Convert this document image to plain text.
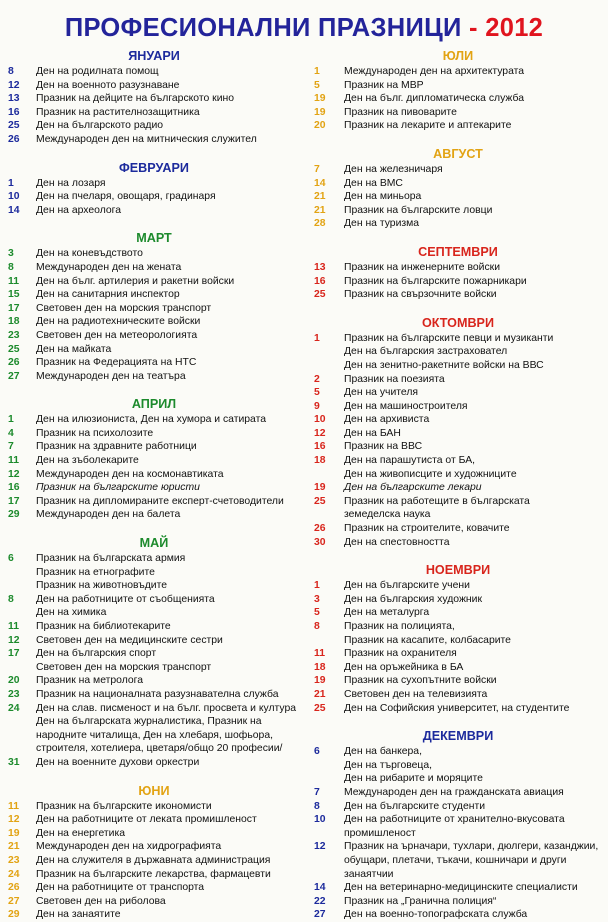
ПРОФЕСИОНАЛНИ ПРАЗНИЦИ - 2012
ЯНУАРИ
8	Ден на родилната помощ
12	Ден на военното разузнаване
13	Празник на дейците на българското кино
16	Празник на растителнозащитника
25	Ден на българското радио
26	Международен ден на митническия служител
ФЕВРУАРИ
1	Ден на лозаря
10	Ден на пчеларя, овощаря, градинаря
14	Ден на археолога
МАРТ
3	Ден на коневъдството
8	Международен ден на жената
11	Ден на бълг. артилерия и ракетни войски
15	Ден на санитарния инспектор
17	Световен ден на морския транспорт
18	Ден на радиотехническите войски
23	Световен ден на метеорологията
25	Ден на майката
26	Празник на Федерацията на НТС
27	Международен ден на театъра
АПРИЛ
1	Ден на илюзиониста, Ден на хумора и сатирата
4	Празник на психолозите
7	Празник на здравните работници
11	Ден на зъболекарите
12	Международен ден на космонавтиката
16	Празник на българските юристи
17	Празник на дипломираните експерт-счетоводители
29	Международен ден на балета
МАЙ
6	Празник на българската армия
Празник на етнографите
Празник на животновъдите
8	Ден на работниците от съобщенията
Ден на химика
11	Празник на библиотекарите
12	Световен ден на медицинските сестри
17	Ден на българския спорт
Световен ден на морския транспорт
20	Празник на метролога
23	Празник на националната разузнавателна служба
24	Ден на слав. писменост и на бълг. просвета и култура
Ден на българската журналистика, Празник на
народните читалища, Ден на хлебаря, шофьора,
строителя, хотелиера, цветаря/общо 20 професии/
31	Ден на военните духови оркестри
ЮНИ
11	Празник на българските икономисти
12	Ден на работниците от леката промишленост
19	Ден на енергетика
21	Международен ден на хидрографията
23	Ден на служителя в държавната администрация
24	Празник на българските лекарства, фармацевти
26	Ден на работниците от транспорта
27	Световен ден на риболова
29	Ден на занаятите
ЮЛИ
1	Международен ден на архитектурата
5	Празник на МВР
19	Ден на бълг. дипломатическа служба
19	Празник на пивоварите
20	Празник на лекарите и аптекарите
АВГУСТ
7	Ден на железничаря
14	Ден на ВМС
21	Ден на миньора
21	Празник на българските ловци
28	Ден на туризма
СЕПТЕМВРИ
13	Празник на инженерните войски
16	Празник на българските пожарникари
25	Празник на свързочните войски
ОКТОМВРИ
1	Празник на българските певци и музиканти
Ден на българския застраховател
Ден на зенитно-ракетните войски на ВВС
2	Празник на поезията
5	Ден на учителя
9	Ден на машиностроителя
10	Ден на архивиста
12	Ден на БАН
16	Празник на ВВС
18	Ден на парашутиста от БА,
Ден на живописците и художниците
19	Ден на българските лекари
25	Празник на работещите в българската
земеделска наука
26	Празник на строителите, ковачите
30	Ден на спестовността
НОЕМВРИ
1	Ден на българските учени
3	Ден на българския художник
5	Ден на металурга
8	Празник на полицията,
Празник на касапите, колбасарите
11	Празник на охранителя
18	Ден на оръжейника в БА
19	Празник на сухопътните войски
21	Световен ден на телевизията
25	Ден на Софийския университет, на студентите
ДЕКЕМВРИ
6	Ден на банкера,
Ден на търговеца,
Ден на рибарите и моряците
7	Международен ден на гражданската авиация
8	Ден на българските студенти
10	Ден на работниците от хранително-вкусовата
промишленост
12	Празник на ърначари, тухлари, дюлгери, казанджии,
обущари, плетачи, тъкачи, кошничари и други
занаятчии
14	Ден на ветеринарно-медицинските специалисти
22	Празник на „Гранична полиция“
27	Ден на военно-топографската служба
